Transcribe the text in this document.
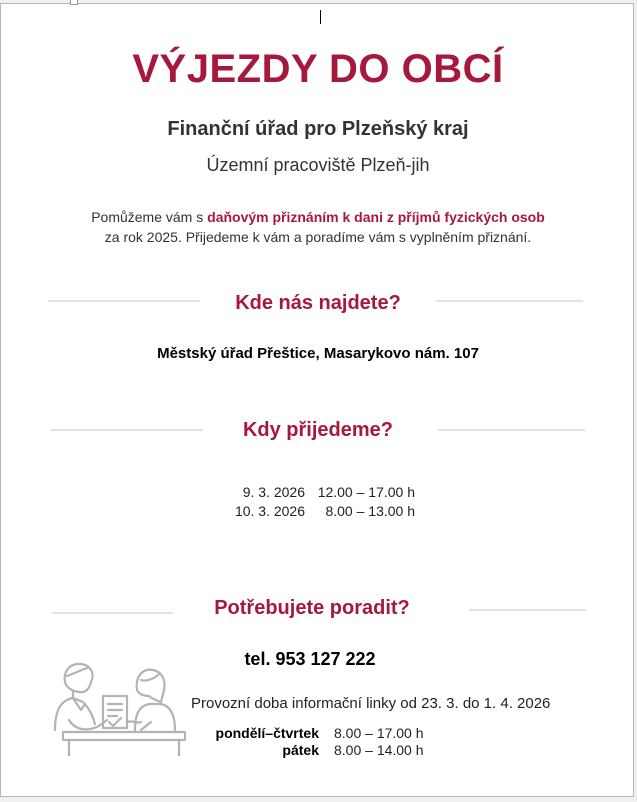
VÝJEZDY DO OBCÍ
Finanční úřad pro Plzeňský kraj
Územní pracoviště Plzeň-jih
Pomůžeme vám s daňovým přiznáním k dani z příjmů fyzických osob
za rok 2025. Přijedeme k vám a poradíme vám s vyplněním přiznání.
Kde nás najdete?
Městský úřad Přeštice, Masarykovo nám. 107
Kdy přijedeme?
9. 3. 2026 12.00 – 17.00 h
10. 3. 2026	8.00 – 13.00 h
Potřebujete poradit?
tel. 953 127 222
Provozní doba informační linky od 23. 3. do 1. 4. 2026
pondělí–čtvrtek	8.00 – 17.00 h
pátek	8.00 – 14.00 h
